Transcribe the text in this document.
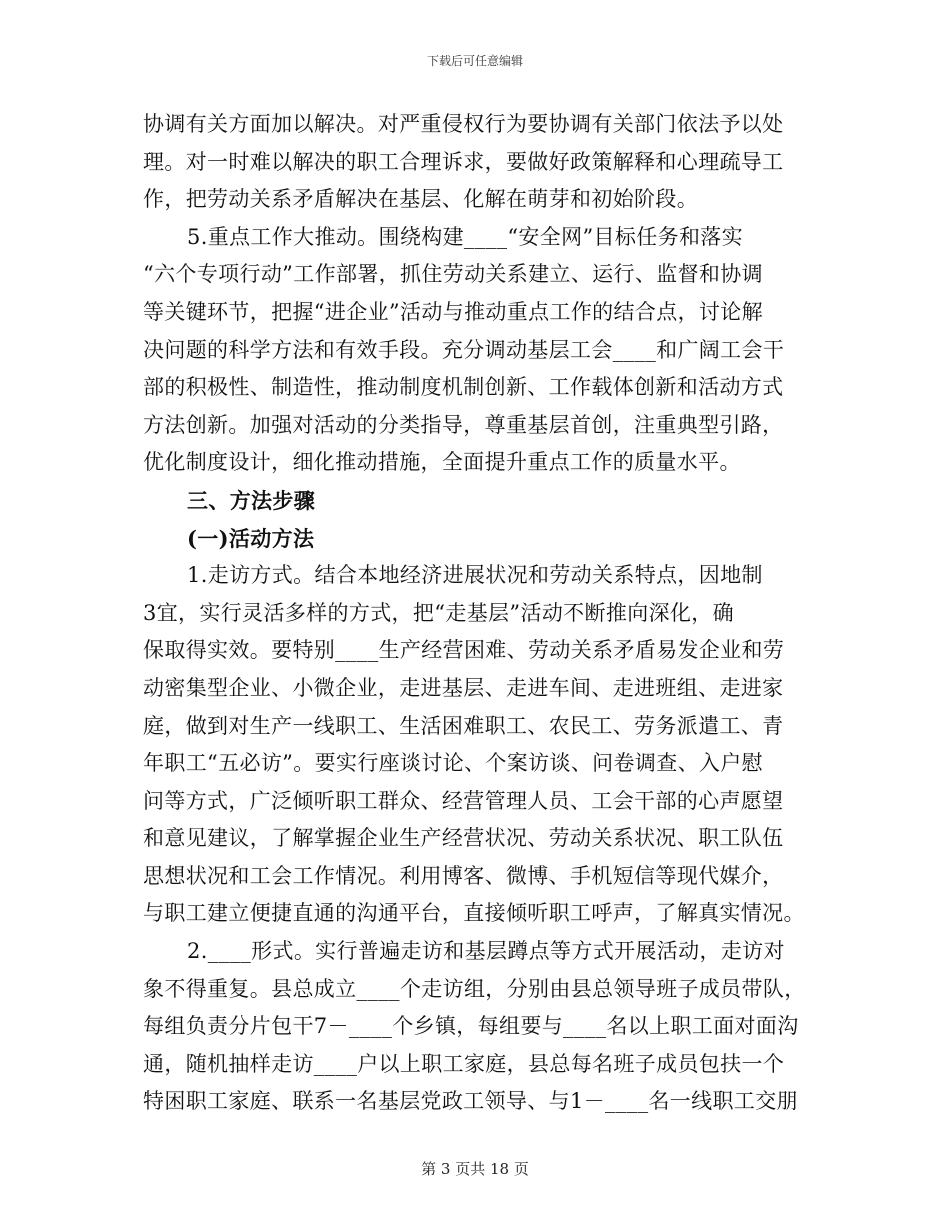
下载后可任意编辑
协调有关方面加以解决。对严重侵权行为要协调有关部门依法予以处
理。对一时难以解决的职工合理诉求，要做好政策解释和心理疏导工
作，把劳动关系矛盾解决在基层、化解在萌芽和初始阶段。
5.重点工作大推动。围绕构建____“安全网”目标任务和落实
“六个专项行动”工作部署，抓住劳动关系建立、运行、监督和协调
等关键环节，把握“进企业”活动与推动重点工作的结合点，讨论解
决问题的科学方法和有效手段。充分调动基层工会____和广阔工会干
部的积极性、制造性，推动制度机制创新、工作载体创新和活动方式
方法创新。加强对活动的分类指导，尊重基层首创，注重典型引路，
优化制度设计，细化推动措施，全面提升重点工作的质量水平。
三、方法步骤
(一)活动方法
1.走访方式。结合本地经济进展状况和劳动关系特点，因地制
3宜，实行灵活多样的方式，把“走基层”活动不断推向深化，确
保取得实效。要特别____生产经营困难、劳动关系矛盾易发企业和劳
动密集型企业、小微企业，走进基层、走进车间、走进班组、走进家
庭，做到对生产一线职工、生活困难职工、农民工、劳务派遣工、青
年职工“五必访”。要实行座谈讨论、个案访谈、问卷调查、入户慰
问等方式，广泛倾听职工群众、经营管理人员、工会干部的心声愿望
和意见建议，了解掌握企业生产经营状况、劳动关系状况、职工队伍
思想状况和工会工作情况。利用博客、微博、手机短信等现代媒介，
与职工建立便捷直通的沟通平台，直接倾听职工呼声，了解真实情况。
2.____形式。实行普遍走访和基层蹲点等方式开展活动，走访对
象不得重复。县总成立____个走访组，分别由县总领导班子成员带队，
每组负责分片包干7－____个乡镇，每组要与____名以上职工面对面沟
通，随机抽样走访____户以上职工家庭，县总每名班子成员包扶一个
特困职工家庭、联系一名基层党政工领导、与1－____名一线职工交朋
第 3 页共 18 页
